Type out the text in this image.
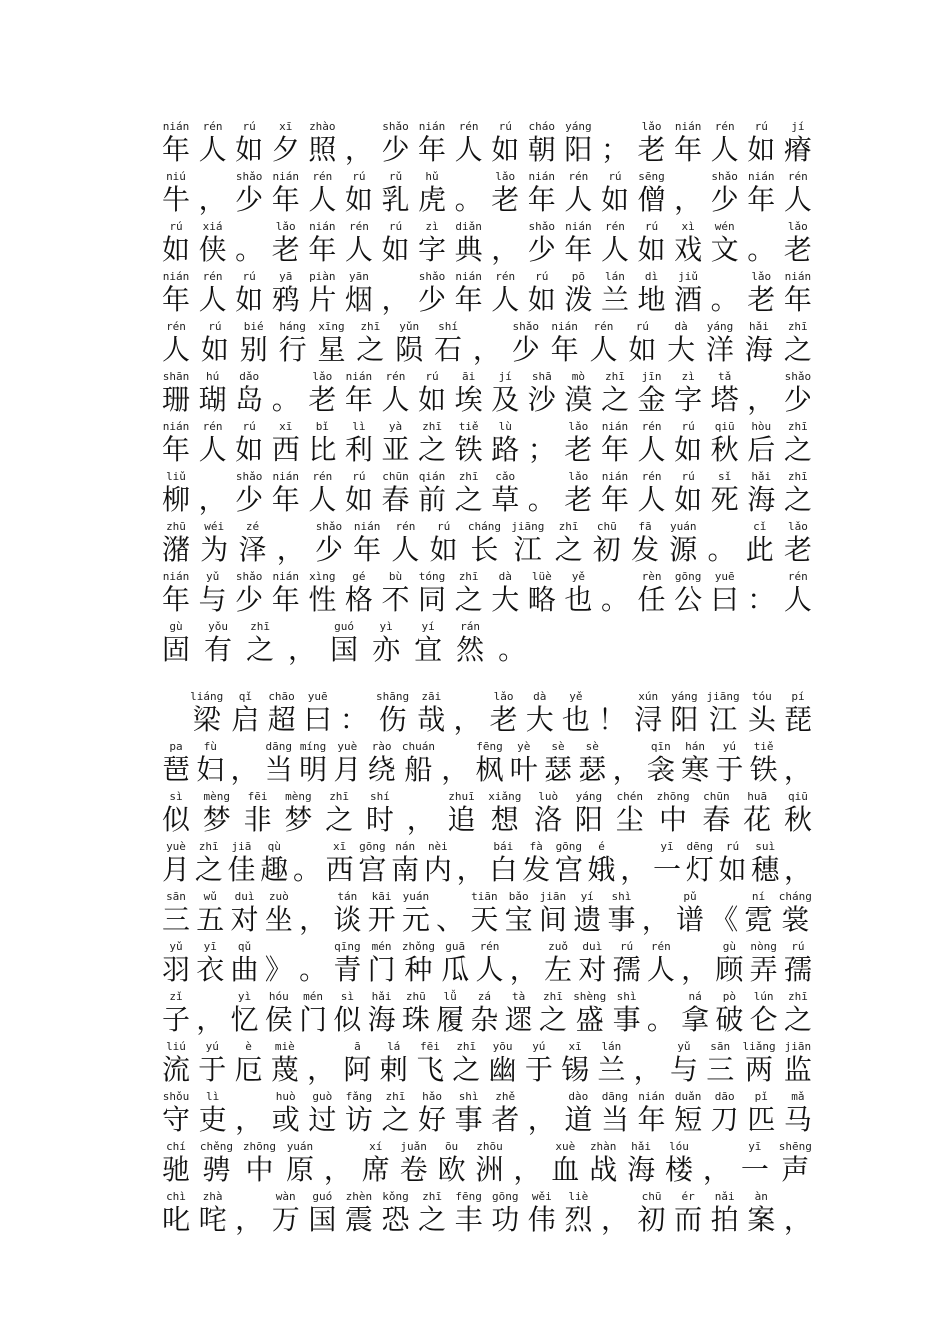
nián
年
rén
人
rú
如
xī
夕
zhào
照 ，
shǎo
少
nián
年
rén
人
rú
如
cháo
朝
yáng
阳 ；
lǎo
老
nián
年
rén
人
rú
如
jí
瘠
niú
牛 ，
shǎo
少
nián
年
rén
人
rú
如
rǔ
乳
hǔ
虎 。
lǎo
老
nián
年
rén
人
rú
如
sēng
僧 ，
shǎo
少
nián
年
rén
人
rú
如
xiá
侠 。
lǎo
老
nián
年
rén
人
rú
如
zì
字
diǎn
典 ，
shǎo
少
nián
年
rén
人
rú
如
xì
戏
wén
文 。
lǎo
老
nián
年
rén
人
rú
如
yā
鸦
piàn
片
yān
烟 ，
shǎo
少
nián
年
rén
人
rú
如
pō
泼
lán
兰
dì
地
jiǔ
酒 。
lǎo
老
nián
年
rén
人
rú
如
bié
别
háng
行
xīng
星
zhī
之
yǔn
陨
shí
石 ，
shǎo
少
nián
年
rén
人
rú
如
dà
大
yáng
洋
hǎi
海
zhī
之
shān
珊
hú
瑚
dǎo
岛 。
lǎo
老
nián
年
rén
人
rú
如
āi
埃
jí
及
shā
沙
mò
漠
zhī
之
jīn
金
zì
字
tǎ
塔 ，
shǎo
少
nián
年
rén
人
rú
如
xī
西
bǐ
比
lì
利
yà
亚
zhī
之
tiě
铁
lù
路 ；
lǎo
老
nián
年
rén
人
rú
如
qiū
秋
hòu
后
zhī
之
liǔ
柳 ，
shǎo
少
nián
年
rén
人
rú
如
chūn
春
qián
前
zhī
之
cǎo
草 。
lǎo
老
nián
年
rén
人
rú
如
sǐ
死
hǎi
海
zhī
之
zhū
潴
wéi
为
zé
泽 ，
shǎo
少
nián
年
rén
人
rú
如
cháng
长
jiāng
江
zhī
之
chū
初
fā
发
yuán
源 。
cǐ
此
lǎo
老
nián
年
yǔ
与
shǎo
少
nián
年
xìng
性
gé
格
bù
不
tóng
同
zhī
之
dà
大
lüè
略
yě
也 。
rèn
任
gōng
公
yuē
曰 ：
rén
人
gù
固
yǒu
有
zhī
之 ，
guó
国
yì
亦
yí
宜
rán
然 。
liáng
梁
qǐ
启
chāo
超
yuē
曰 ：
shāng
伤
zāi
哉 ，
lǎo
老
dà
大
yě
也 ！
xún
浔
yáng
阳
jiāng
江
tóu
头
pí
琵
pa
琶
fù
妇 ，
dāng
当
míng
明
yuè
月
rào
绕
chuán
船 ，
fēng
枫
yè
叶
sè
瑟
sè
瑟 ，
qīn
衾
hán
寒
yú
于
tiě
铁 ，
sì
似
mèng
梦
fēi
非
mèng
梦
zhī
之
shí
时 ，
zhuī
追
xiǎng
想
luò
洛
yáng
阳
chén
尘
zhōng
中
chūn
春
huā
花
qiū
秋
yuè
月
zhī
之
jiā
佳
qù
趣 。
xī
西
gōng
宫
nán
南
nèi
内 ，
bái
白
fà
发
gōng
宫
é
娥 ，
yī
一
dēng
灯
rú
如
suì
穗 ，
sān
三
wǔ
五
duì
对
zuò
坐 ，
tán
谈
kāi
开
yuán
元 、
tiān
天
bǎo
宝
jiān
间
yí
遗
shì
事 ，
pǔ
谱 《
ní
霓
cháng
裳
yǔ
羽
yī
衣
qǔ
曲 》 。
qīng
青
mén
门
zhǒng
种
guā
瓜
rén
人 ，
zuǒ
左
duì
对
rú
孺
rén
人 ，
gù
顾
nòng
弄
rú
孺
zǐ
子 ，
yì
忆
hóu
侯
mén
门
sì
似
hǎi
海
zhū
珠
lǚ
履
zá
杂
tà
遝
zhī
之
shèng
盛
shì
事 。
ná
拿
pò
破
lún
仑
zhī
之
liú
流
yú
于
è
厄
miè
蔑 ，
ā
阿
lá
剌
fēi
飞
zhī
之
yōu
幽
yú
于
xī
锡
lán
兰 ，
yǔ
与
sān
三
liǎng
两
jiān
监
shǒu
守
lì
吏 ，
huò
或
guò
过
fǎng
访
zhī
之
hǎo
好
shì
事
zhě
者 ，
dào
道
dāng
当
nián
年
duǎn
短
dāo
刀
pǐ
匹
mǎ
马
chí
驰
chěng
骋
zhōng
中
yuán
原 ，
xí
席
juǎn
卷
ōu
欧
zhōu
洲 ，
xuè
血
zhàn
战
hǎi
海
lóu
楼 ，
yī
一
shēng
声
chì
叱
zhà
咤 ，
wàn
万
guó
国
zhèn
震
kǒng
恐
zhī
之
fēng
丰
gōng
功
wěi
伟
liè
烈 ，
chū
初
ér
而
nǎi
拍
àn
案 ，
